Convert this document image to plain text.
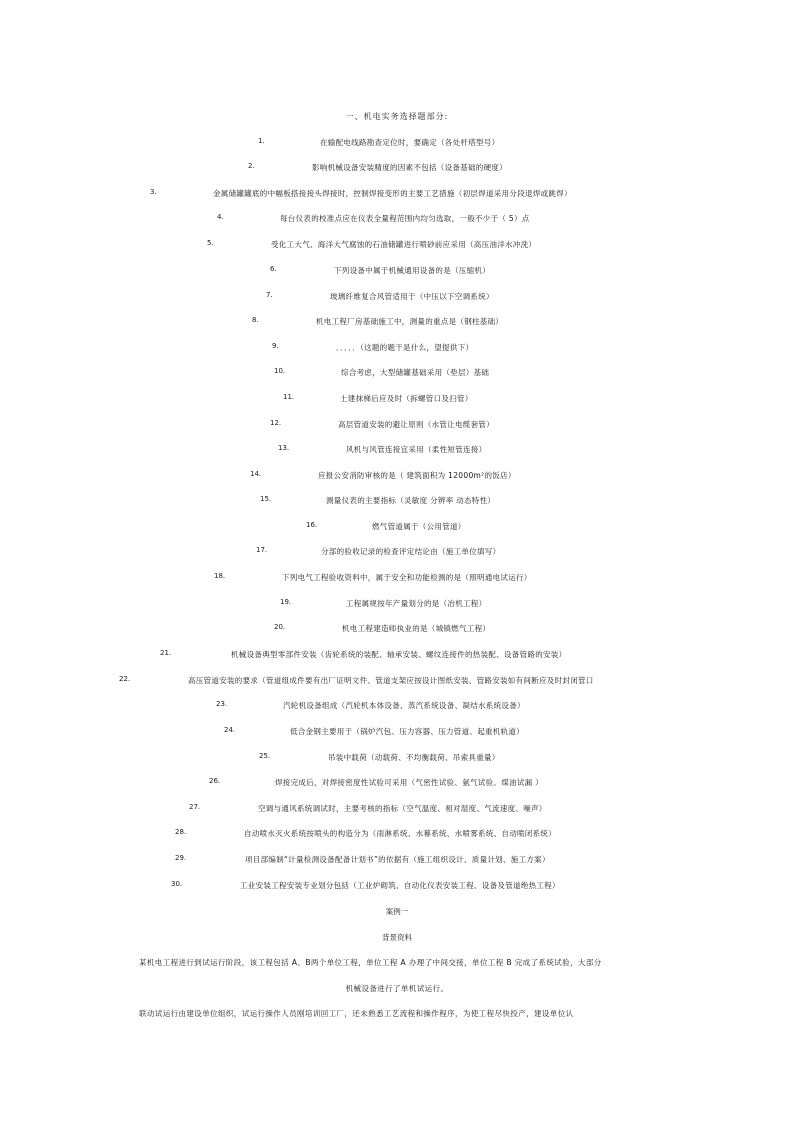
一、机电实务选择题部分:
1.	在输配电线路勘查定位时，要确定（各处杆塔型号）
2.	影响机械设备安装精度的因素不包括（设备基础的硬度）
3.	金属储罐罐底的中幅板搭接接头焊接时，控制焊接变形的主要工艺措施（初层焊道采用分段退焊或跳焊）
4.	每台仪表的校准点应在仪表全量程范围内均匀选取，一般不少于（ 5）点
5.	受化工大气、海洋大气腐蚀的石油储罐进行喷砂前应采用（高压油洋水冲洗）
6.	下列设备中属于机械通用设备的是（压缩机）
7.	玻璃纤维复合风管适用于（中压以下空调系统）
8.	机电工程厂房基础施工中，测量的重点是（钢柱基础）
9.	．．．．．（这题的题干是什么，望提供下）
10.	综合考虑，大型储罐基础采用（垫层）基础
11.	土建抹梯后应及时（拆螺管口及扫管）
12.	高层管道安装的避让原则（水管让电缆套管）
13.	风机与风管连接宜采用（柔性短管连接）
14.	应报公安消防审核的是（ 建筑面积为 12000m²的饭店）
15.	测量仪表的主要指标（灵敏度 分辨率 动态特性）
16.	燃气管道属于（公用管道）
17.	分部的验收记录的检查评定结论由（施工单位填写）
18.	下列电气工程验收资料中，属于安全和功能检测的是（照明通电试运行）
19.	工程属规按年产量划分的是（冶机工程）
20.	机电工程建造师执业的是（城镇燃气工程）
21.	机械设备典型零部件安装（齿轮系统的装配、轴承安装、螺纹连接件的热装配、设备管路的安装）
22.	高压管道安装的要求（管道组成件要有出厂证明文件、管道支架应按设计图纸安装、管路安装如有间断应及时封闭管口
23.	汽轮机设备组成（汽轮机本体设备、蒸汽系统设备、凝结水系统设备）
24.	低合金钢主要用于（锅炉汽包、压力容器、压力管道、起重机轨道）
25.	吊装中载荷（动载荷、不均衡载荷、吊索具重量）
26.	焊接完成后，对焊接密度性试验可采用（气密性试验、氨气试验、煤油试漏 ）
27.	空调与通风系统调试时，主要考核的指标（空气温度、相对湿度、气流速度、噪声）
28.	自动喷水灭火系统按喷头的构造分为（雨淋系统、水幕系统、水喷雾系统、自动喷闭系统）
29.	项目部编制“计量检测设备配备计划书”的依据有（施工组织设计、质量计划、施工方案）
30.	工业安装工程安装专业划分包括（工业炉砌筑、自动化仪表安装工程、设备及管道绝热工程）
案例一
背景资料
某机电工程进行到试运行阶段，该工程包括 A、B两个单位工程，单位工程 A 办理了中间交接，单位工程 B 完成了系统试验，大部分
机械设备进行了单机试运行。
联动试运行由建设单位组织，试运行操作人员刚培训回工厂，还未熟悉工艺流程和操作程序，为使工程尽快投产，建设单位认
